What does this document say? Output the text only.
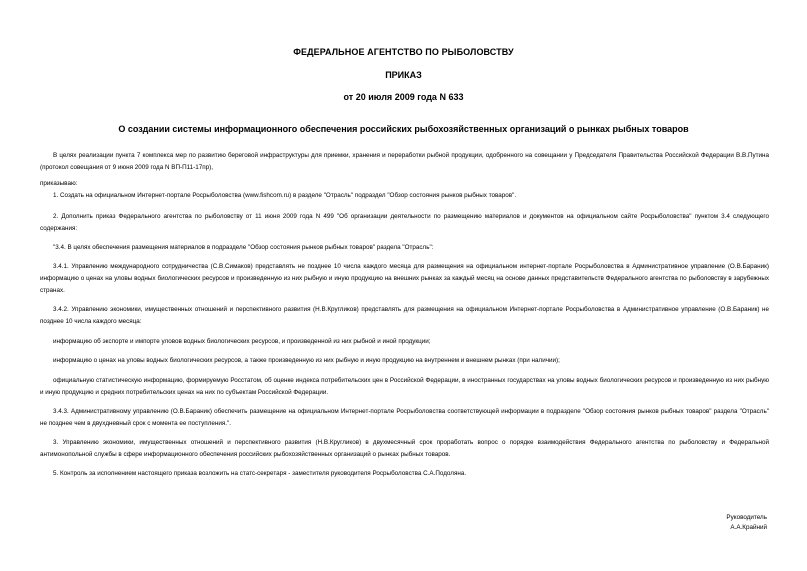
ФЕДЕРАЛЬНОЕ АГЕНТСТВО ПО РЫБОЛОВСТВУ
ПРИКАЗ
от 20 июля 2009 года N 633
О создании системы информационного обеспечения российских рыбохозяйственных организаций о рынках рыбных товаров

В целях реализации пункта 7 комплекса мер по развитию береговой инфраструктуры для приемки, хранения и переработки рыбной продукции, одобренного на совещании у Председателя Правительства Российской Федерации В.В.Путина (протокол совещания от 9 июня 2009 года N ВП-П11-17пр),

приказываю:

1. Создать на официальном Интернет-портале Росрыболовства (www.fishcom.ru) в разделе "Отрасль" подраздел "Обзор состояния рынков рыбных товаров".

2. Дополнить приказ Федерального агентства по рыболовству от 11 июня 2009 года N 499 "Об организации деятельности по размещению материалов и документов на официальном сайте Росрыболовства" пунктом 3.4 следующего содержания:

"3.4. В целях обеспечения размещения материалов в подразделе "Обзор состояния рынков рыбных товаров" раздела "Отрасль":

3.4.1. Управлению международного сотрудничества (С.В.Симаков) представлять не позднее 10 числа каждого месяца для размещения на официальном интернет-портале Росрыболовства в Административное управление (О.В.Бараник) информацию о ценах на уловы водных биологических ресурсов и произведенную из них рыбную и иную продукцию на внешних рынках за каждый месяц на основе данных представительств Федерального агентства по рыболовству в зарубежных странах.

3.4.2. Управлению экономики, имущественных отношений и перспективного развития (Н.В.Кругликов) представлять для размещения на официальном Интернет-портале Росрыболовства в Административное управление (О.В.Бараник) не позднее 10 числа каждого месяца:

информацию об экспорте и импорте уловов водных биологических ресурсов, и произведенной из них рыбной и иной продукции;

информацию о ценах на уловы водных биологических ресурсов, а также произведенную из них рыбную и иную продукцию на внутреннем и внешнем рынках (при наличии);

официальную статистическую информацию, формируемую Росстатом, об оценке индекса потребительских цен в Российской Федерации, в иностранных государствах на уловы водных биологических ресурсов и произведенную из них рыбную и иную продукцию и средних потребительских ценах на них по субъектам Российской Федерации.

3.4.3. Административному управлению (О.В.Бараник) обеспечить размещение на официальном Интернет-портале Росрыболовства соответствующей информации в подразделе "Обзор состояния рынков рыбных товаров" раздела "Отрасль" не позднее чем в двухдневный срок с момента ее поступления.".

3. Управлению экономики, имущественных отношений и перспективного развития (Н.В.Кругликов) в двухмесячный срок проработать вопрос о порядке взаимодействия Федерального агентства по рыболовству и Федеральной антимонопольной службы в сфере информационного обеспечения российских рыбохозяйственных организаций о рынках рыбных товаров.

5. Контроль за исполнением настоящего приказа возложить на статс-секретаря - заместителя руководителя Росрыболовства С.А.Подоляна.

Руководитель
А.А.Крайний
